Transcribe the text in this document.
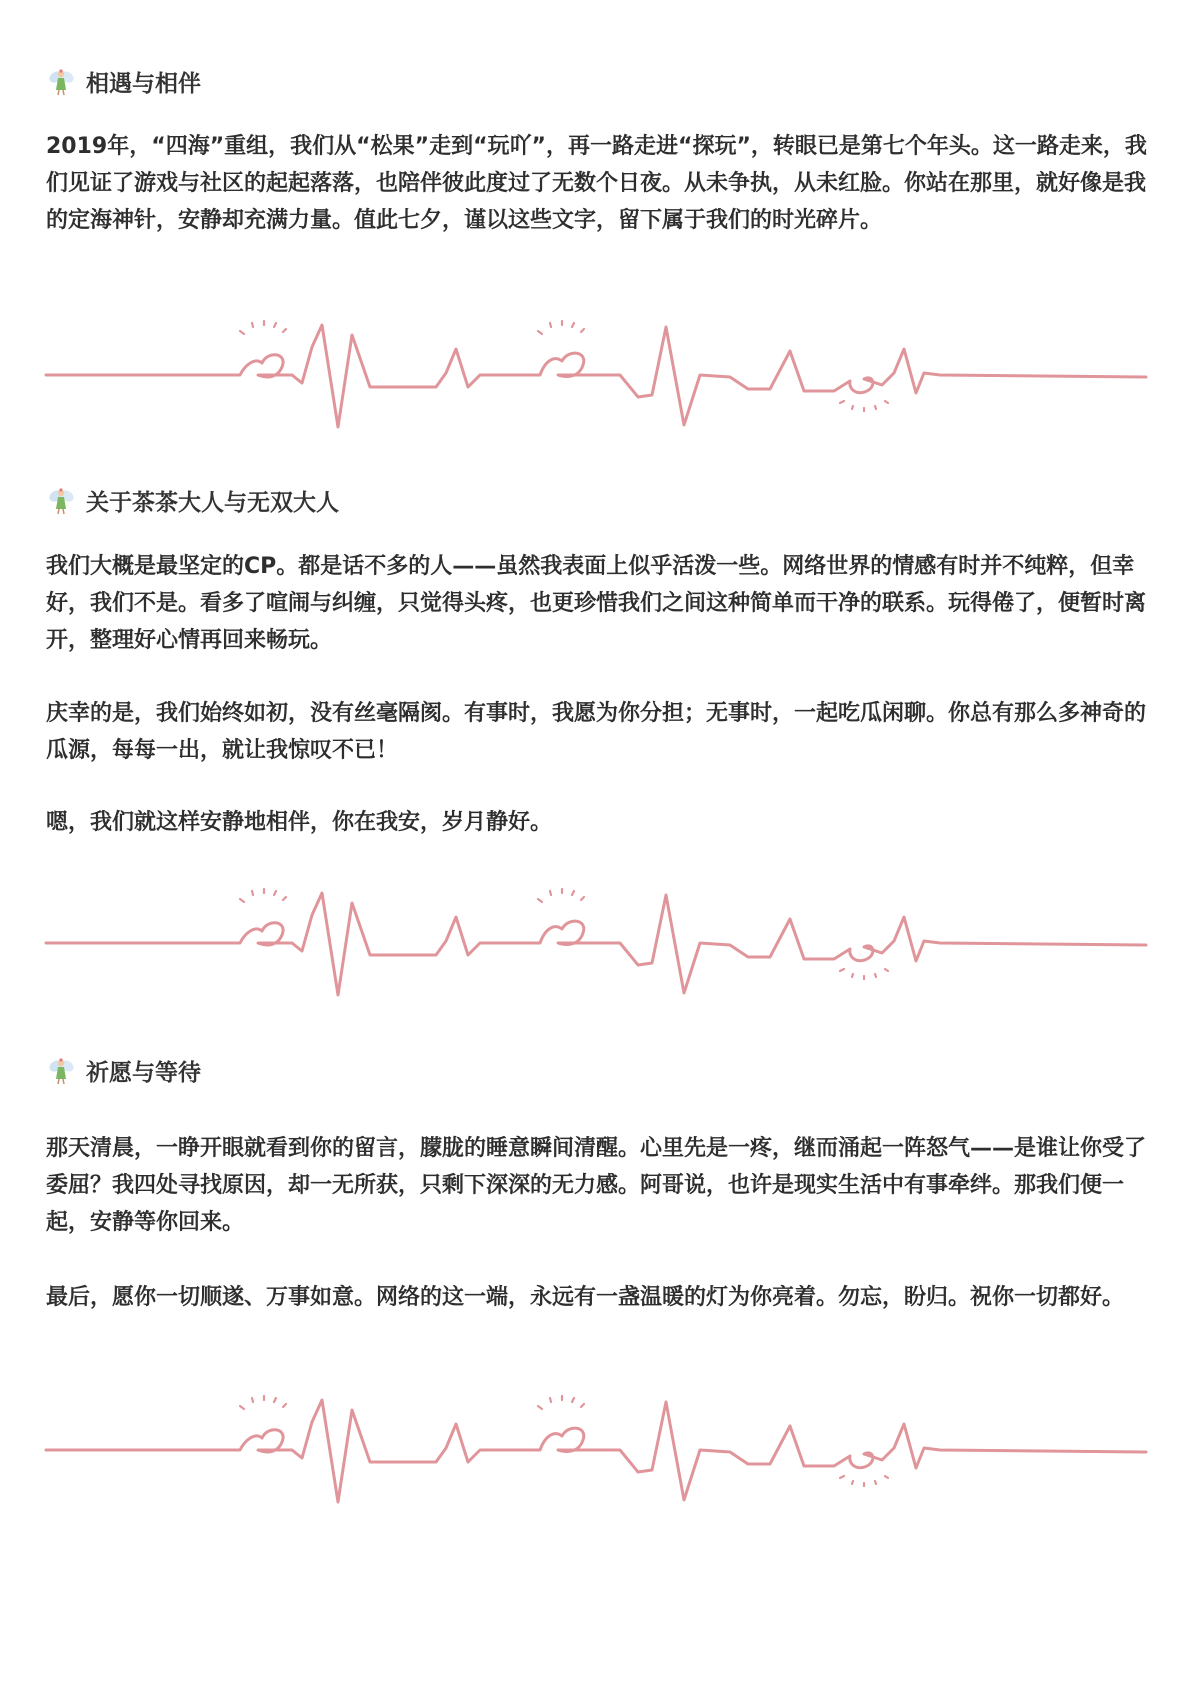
相遇与相伴

2019年，“四海”重组，我们从“松果”走到“玩吖”，再一路走进“探玩”，转眼已是第七个年头。这一路走来，我们见证了游戏与社区的起起落落，也陪伴彼此度过了无数个日夜。从未争执，从未红脸。你站在那里，就好像是我的定海神针，安静却充满力量。值此七夕，谨以这些文字，留下属于我们的时光碎片。

关于茶茶大人与无双大人

我们大概是最坚定的CP。都是话不多的人——虽然我表面上似乎活泼一些。网络世界的情感有时并不纯粹，但幸好，我们不是。看多了喧闹与纠缠，只觉得头疼，也更珍惜我们之间这种简单而干净的联系。玩得倦了，便暂时离开，整理好心情再回来畅玩。

庆幸的是，我们始终如初，没有丝毫隔阂。有事时，我愿为你分担；无事时，一起吃瓜闲聊。你总有那么多神奇的瓜源，每每一出，就让我惊叹不已！

嗯，我们就这样安静地相伴，你在我安，岁月静好。

祈愿与等待

那天清晨，一睁开眼就看到你的留言，朦胧的睡意瞬间清醒。心里先是一疼，继而涌起一阵怒气——是谁让你受了委屈？我四处寻找原因，却一无所获，只剩下深深的无力感。阿哥说，也许是现实生活中有事牵绊。那我们便一起，安静等你回来。

最后，愿你一切顺遂、万事如意。网络的这一端，永远有一盏温暖的灯为你亮着。勿忘，盼归。祝你一切都好。
